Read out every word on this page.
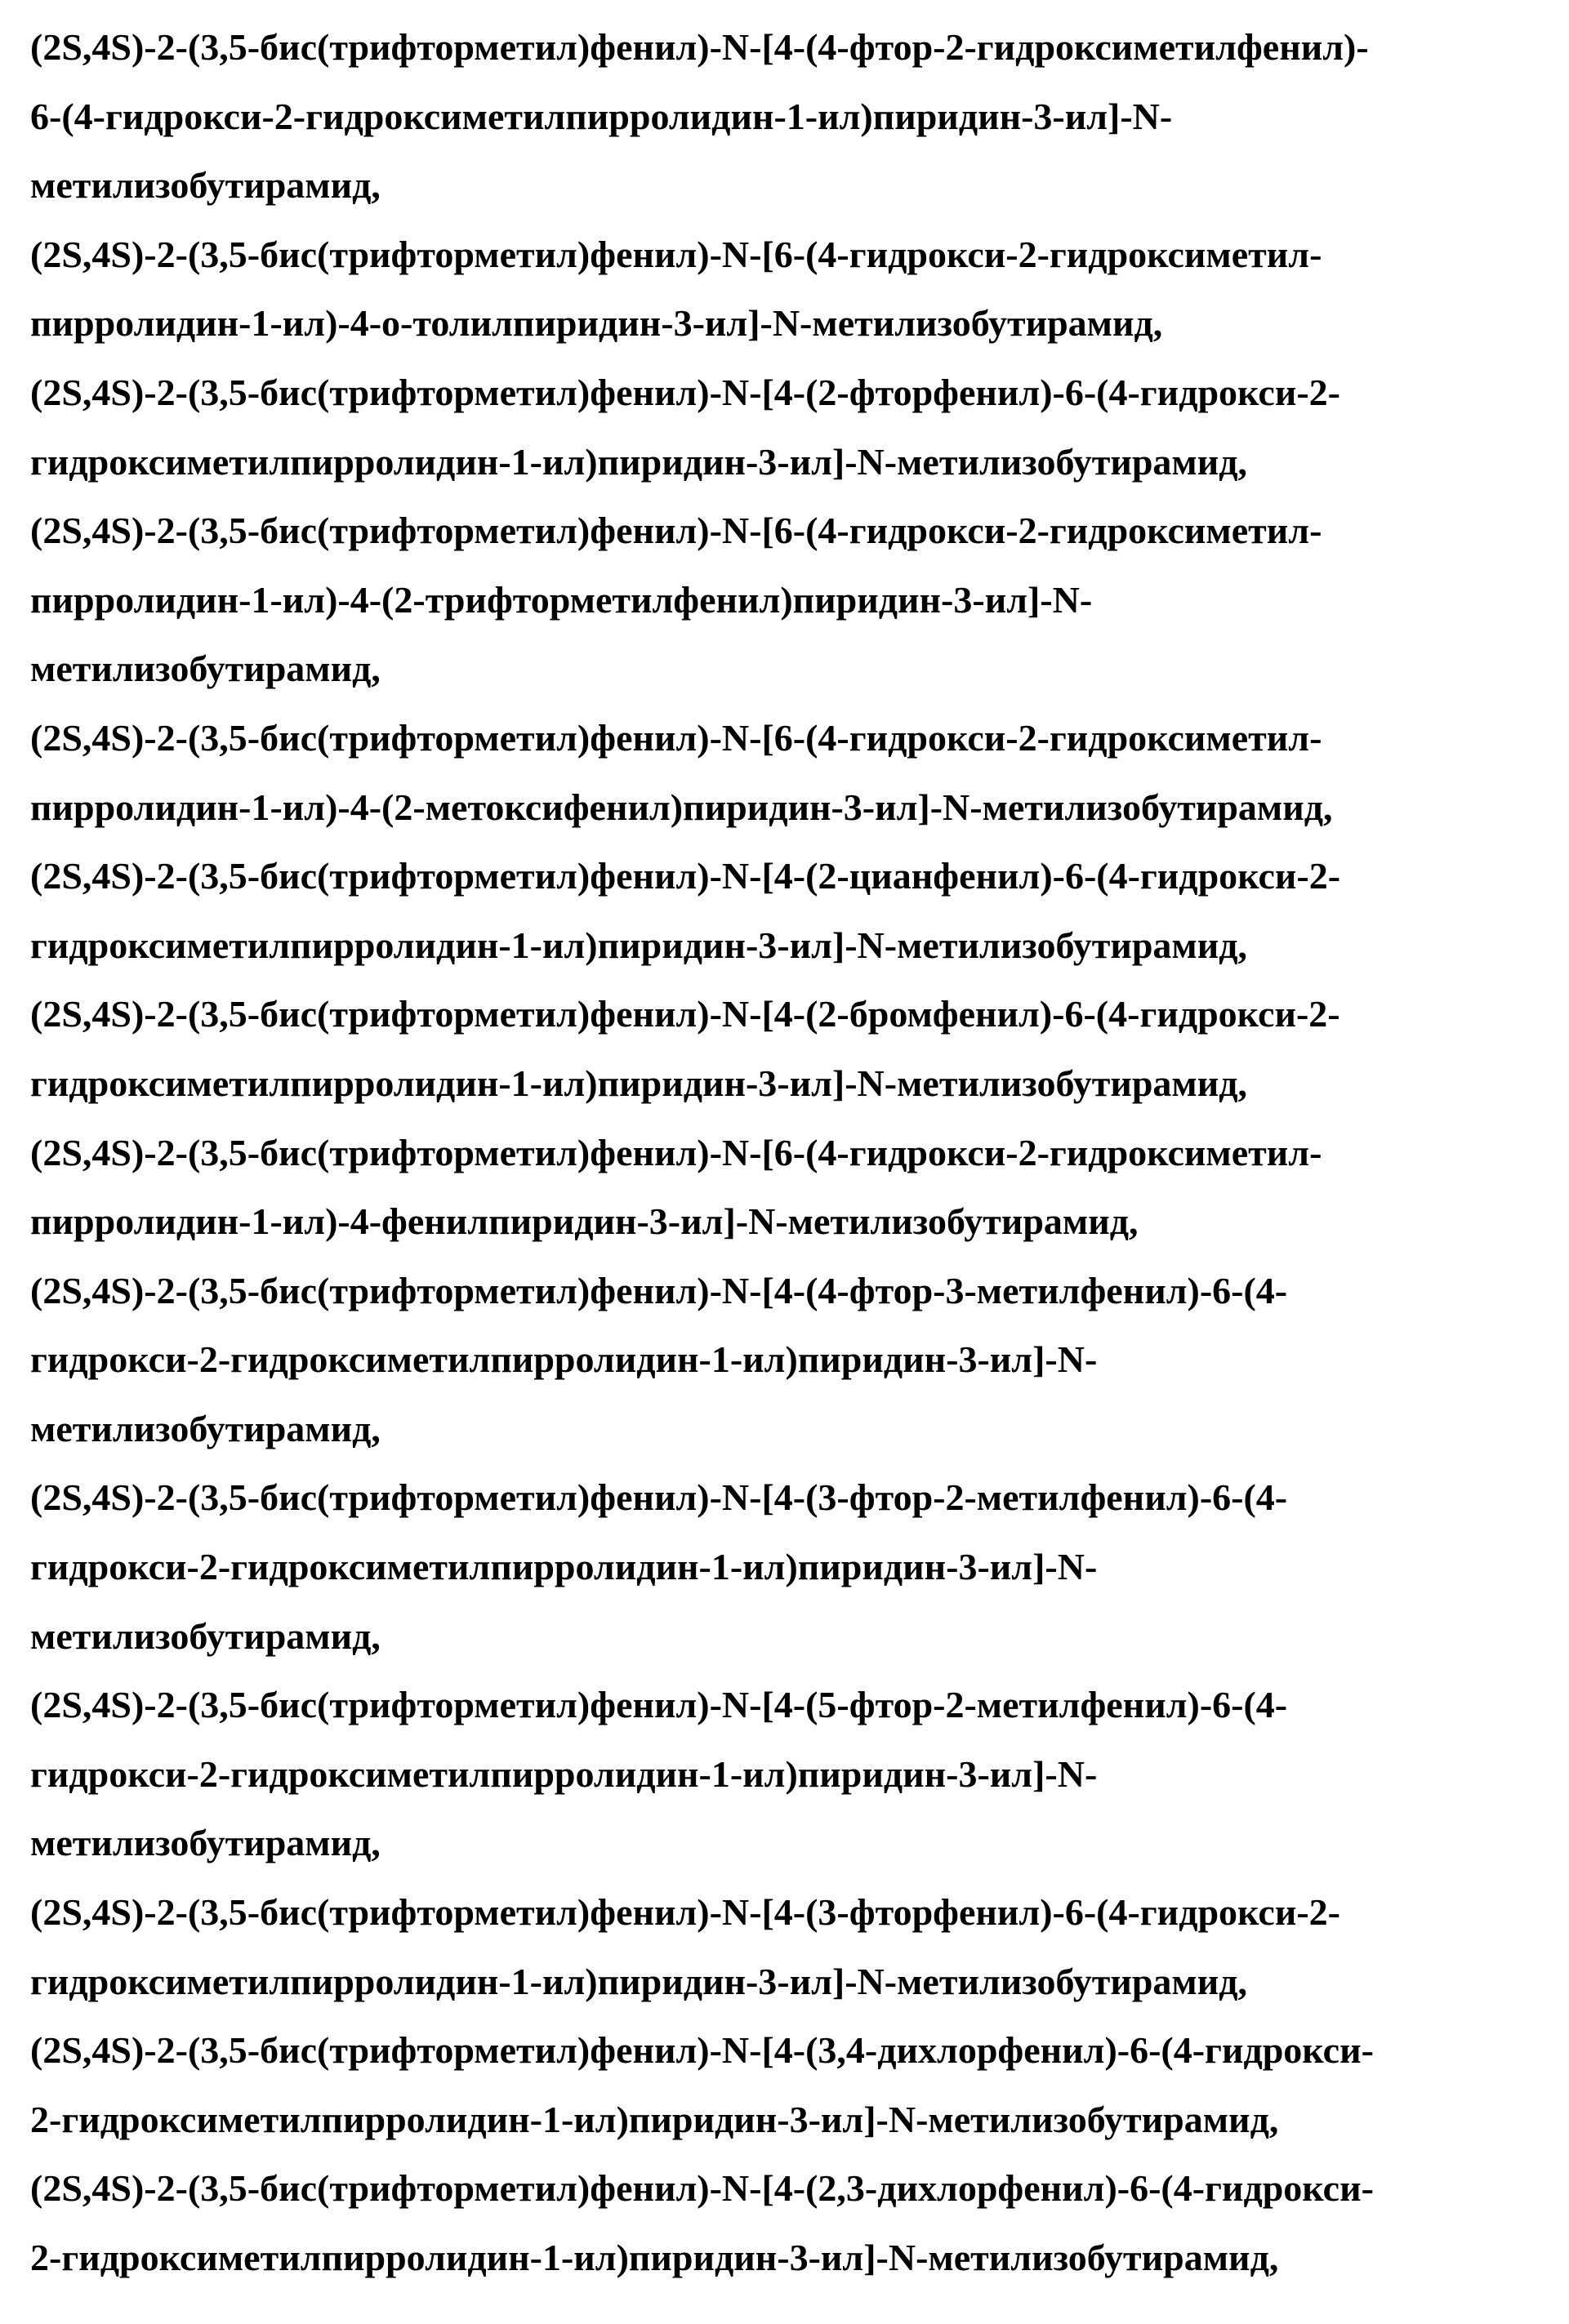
(2S,4S)-2-(3,5-бис(трифторметил)фенил)-N-[4-(4-фтор-2-гидроксиметилфенил)-
6-(4-гидрокси-2-гидроксиметилпирролидин-1-ил)пиридин-3-ил]-N-
метилизобутирамид,
(2S,4S)-2-(3,5-бис(трифторметил)фенил)-N-[6-(4-гидрокси-2-гидроксиметил-
пирролидин-1-ил)-4-о-толилпиридин-3-ил]-N-метилизобутирамид,
(2S,4S)-2-(3,5-бис(трифторметил)фенил)-N-[4-(2-фторфенил)-6-(4-гидрокси-2-
гидроксиметилпирролидин-1-ил)пиридин-3-ил]-N-метилизобутирамид,
(2S,4S)-2-(3,5-бис(трифторметил)фенил)-N-[6-(4-гидрокси-2-гидроксиметил-
пирролидин-1-ил)-4-(2-трифторметилфенил)пиридин-3-ил]-N-
метилизобутирамид,
(2S,4S)-2-(3,5-бис(трифторметил)фенил)-N-[6-(4-гидрокси-2-гидроксиметил-
пирролидин-1-ил)-4-(2-метоксифенил)пиридин-3-ил]-N-метилизобутирамид,
(2S,4S)-2-(3,5-бис(трифторметил)фенил)-N-[4-(2-цианфенил)-6-(4-гидрокси-2-
гидроксиметилпирролидин-1-ил)пиридин-3-ил]-N-метилизобутирамид,
(2S,4S)-2-(3,5-бис(трифторметил)фенил)-N-[4-(2-бромфенил)-6-(4-гидрокси-2-
гидроксиметилпирролидин-1-ил)пиридин-3-ил]-N-метилизобутирамид,
(2S,4S)-2-(3,5-бис(трифторметил)фенил)-N-[6-(4-гидрокси-2-гидроксиметил-
пирролидин-1-ил)-4-фенилпиридин-3-ил]-N-метилизобутирамид,
(2S,4S)-2-(3,5-бис(трифторметил)фенил)-N-[4-(4-фтор-3-метилфенил)-6-(4-
гидрокси-2-гидроксиметилпирролидин-1-ил)пиридин-3-ил]-N-
метилизобутирамид,
(2S,4S)-2-(3,5-бис(трифторметил)фенил)-N-[4-(3-фтор-2-метилфенил)-6-(4-
гидрокси-2-гидроксиметилпирролидин-1-ил)пиридин-3-ил]-N-
метилизобутирамид,
(2S,4S)-2-(3,5-бис(трифторметил)фенил)-N-[4-(5-фтор-2-метилфенил)-6-(4-
гидрокси-2-гидроксиметилпирролидин-1-ил)пиридин-3-ил]-N-
метилизобутирамид,
(2S,4S)-2-(3,5-бис(трифторметил)фенил)-N-[4-(3-фторфенил)-6-(4-гидрокси-2-
гидроксиметилпирролидин-1-ил)пиридин-3-ил]-N-метилизобутирамид,
(2S,4S)-2-(3,5-бис(трифторметил)фенил)-N-[4-(3,4-дихлорфенил)-6-(4-гидрокси-
2-гидроксиметилпирролидин-1-ил)пиридин-3-ил]-N-метилизобутирамид,
(2S,4S)-2-(3,5-бис(трифторметил)фенил)-N-[4-(2,3-дихлорфенил)-6-(4-гидрокси-
2-гидроксиметилпирролидин-1-ил)пиридин-3-ил]-N-метилизобутирамид,
